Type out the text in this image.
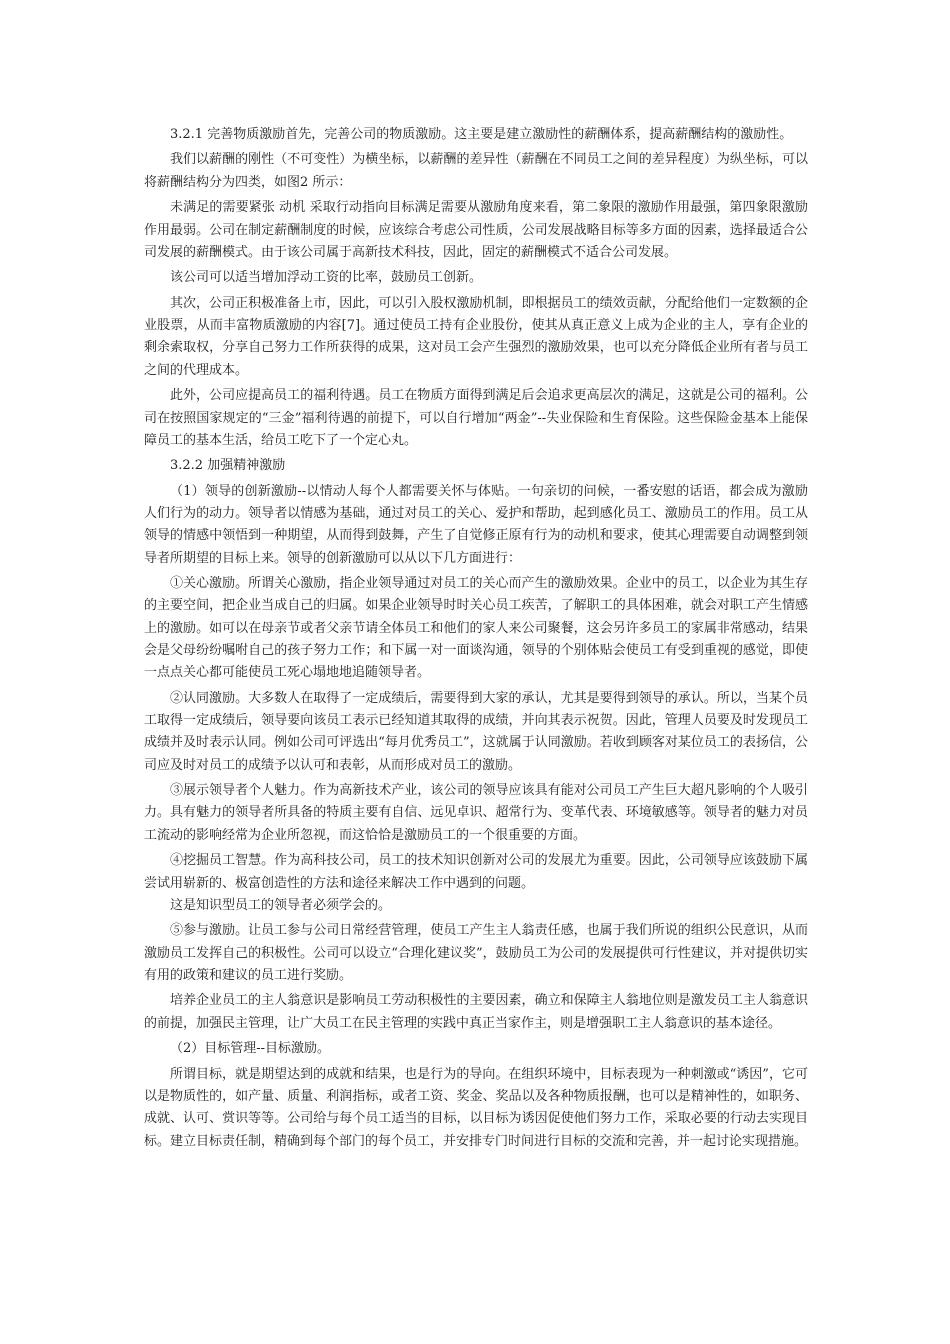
3.2.1 完善物质激励首先，完善公司的物质激励。这主要是建立激励性的薪酬体系，提高薪酬结构的激励性。

我们以薪酬的刚性（不可变性）为横坐标，以薪酬的差异性（薪酬在不同员工之间的差异程度）为纵坐标，可以将薪酬结构分为四类，如图2 所示：

未满足的需要紧张 动机 采取行动指向目标满足需要从激励角度来看，第二象限的激励作用最强，第四象限激励作用最弱。公司在制定薪酬制度的时候，应该综合考虑公司性质，公司发展战略目标等多方面的因素，选择最适合公司发展的薪酬模式。由于该公司属于高新技术科技，因此，固定的薪酬模式不适合公司发展。

该公司可以适当增加浮动工资的比率，鼓励员工创新。

其次，公司正积极准备上市，因此，可以引入股权激励机制，即根据员工的绩效贡献，分配给他们一定数额的企业股票，从而丰富物质激励的内容[7]。通过使员工持有企业股份，使其从真正意义上成为企业的主人，享有企业的剩余索取权，分享自己努力工作所获得的成果，这对员工会产生强烈的激励效果，也可以充分降低企业所有者与员工之间的代理成本。

此外，公司应提高员工的福利待遇。员工在物质方面得到满足后会追求更高层次的满足，这就是公司的福利。公司在按照国家规定的“三金”福利待遇的前提下，可以自行增加“两金”--失业保险和生育保险。这些保险金基本上能保障员工的基本生活，给员工吃下了一个定心丸。

3.2.2 加强精神激励

（1）领导的创新激励--以情动人每个人都需要关怀与体贴。一句亲切的问候，一番安慰的话语，都会成为激励人们行为的动力。领导者以情感为基础，通过对员工的关心、爱护和帮助，起到感化员工、激励员工的作用。员工从领导的情感中领悟到一种期望，从而得到鼓舞，产生了自觉修正原有行为的动机和要求，使其心理需要自动调整到领导者所期望的目标上来。领导的创新激励可以从以下几方面进行：

①关心激励。所谓关心激励，指企业领导通过对员工的关心而产生的激励效果。企业中的员工，以企业为其生存的主要空间，把企业当成自己的归属。如果企业领导时时关心员工疾苦，了解职工的具体困难，就会对职工产生情感上的激励。如可以在母亲节或者父亲节请全体员工和他们的家人来公司聚餐，这会另许多员工的家属非常感动，结果会是父母纷纷嘱咐自己的孩子努力工作；和下属一对一面谈沟通，领导的个别体贴会使员工有受到重视的感觉，即使一点点关心都可能使员工死心塌地地追随领导者。

②认同激励。大多数人在取得了一定成绩后，需要得到大家的承认，尤其是要得到领导的承认。所以，当某个员工取得一定成绩后，领导要向该员工表示已经知道其取得的成绩，并向其表示祝贺。因此，管理人员要及时发现员工成绩并及时表示认同。例如公司可评选出“每月优秀员工”，这就属于认同激励。若收到顾客对某位员工的表扬信，公司应及时对员工的成绩予以认可和表彰，从而形成对员工的激励。

③展示领导者个人魅力。作为高新技术产业，该公司的领导应该具有能对公司员工产生巨大超凡影响的个人吸引力。具有魅力的领导者所具备的特质主要有自信、远见卓识、超常行为、变革代表、环境敏感等。领导者的魅力对员工流动的影响经常为企业所忽视，而这恰恰是激励员工的一个很重要的方面。

④挖掘员工智慧。作为高科技公司，员工的技术知识创新对公司的发展尤为重要。因此，公司领导应该鼓励下属尝试用崭新的、极富创造性的方法和途径来解决工作中遇到的问题。

这是知识型员工的领导者必须学会的。

⑤参与激励。让员工参与公司日常经营管理，使员工产生主人翁责任感，也属于我们所说的组织公民意识，从而激励员工发挥自己的积极性。公司可以设立“合理化建议奖”，鼓励员工为公司的发展提供可行性建议，并对提供切实有用的政策和建议的员工进行奖励。

培养企业员工的主人翁意识是影响员工劳动积极性的主要因素，确立和保障主人翁地位则是激发员工主人翁意识的前提，加强民主管理，让广大员工在民主管理的实践中真正当家作主，则是增强职工主人翁意识的基本途径。

（2）目标管理--目标激励。

所谓目标，就是期望达到的成就和结果，也是行为的导向。在组织环境中，目标表现为一种刺激或“诱因”，它可以是物质性的，如产量、质量、利润指标，或者工资、奖金、奖品以及各种物质报酬，也可以是精神性的，如职务、成就、认可、赏识等等。公司给与每个员工适当的目标，以目标为诱因促使他们努力工作，采取必要的行动去实现目标。建立目标责任制，精确到每个部门的每个员工，并安排专门时间进行目标的交流和完善，并一起讨论实现措施。
